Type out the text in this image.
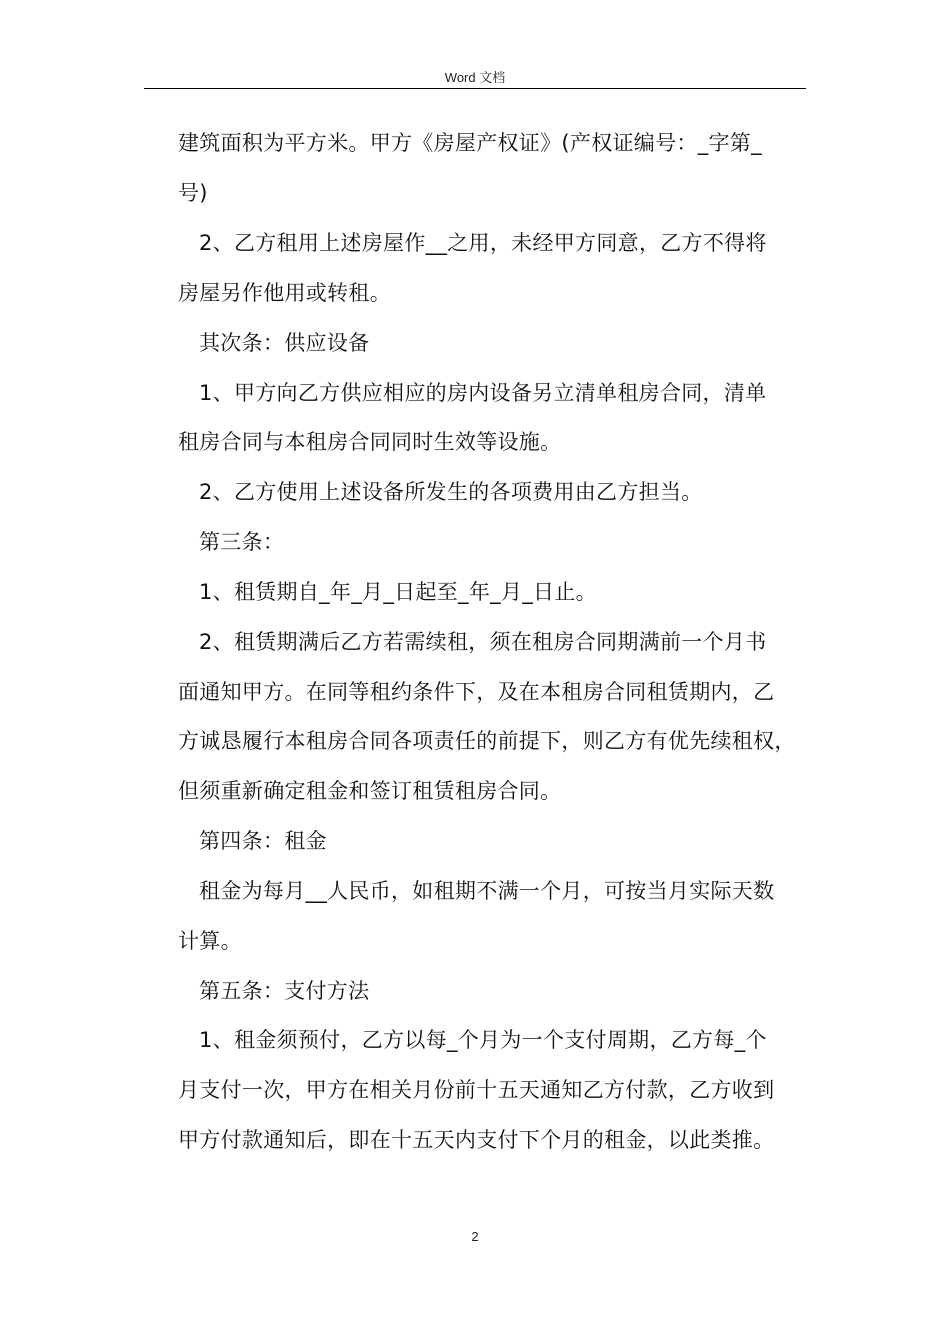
Word 文档
建筑面积为平方米。甲方《房屋产权证》(产权证编号：_字第_
号)
2、乙方租用上述房屋作__之用，未经甲方同意，乙方不得将
房屋另作他用或转租。
其次条：供应设备
1、甲方向乙方供应相应的房内设备另立清单租房合同，清单
租房合同与本租房合同同时生效等设施。
2、乙方使用上述设备所发生的各项费用由乙方担当。
第三条：
1、租赁期自_年_月_日起至_年_月_日止。
2、租赁期满后乙方若需续租，须在租房合同期满前一个月书
面通知甲方。在同等租约条件下，及在本租房合同租赁期内，乙
方诚恳履行本租房合同各项责任的前提下，则乙方有优先续租权，
但须重新确定租金和签订租赁租房合同。
第四条：租金
租金为每月__人民币，如租期不满一个月，可按当月实际天数
计算。
第五条：支付方法
1、租金须预付，乙方以每_个月为一个支付周期，乙方每_个
月支付一次，甲方在相关月份前十五天通知乙方付款，乙方收到
甲方付款通知后，即在十五天内支付下个月的租金，以此类推。
2
